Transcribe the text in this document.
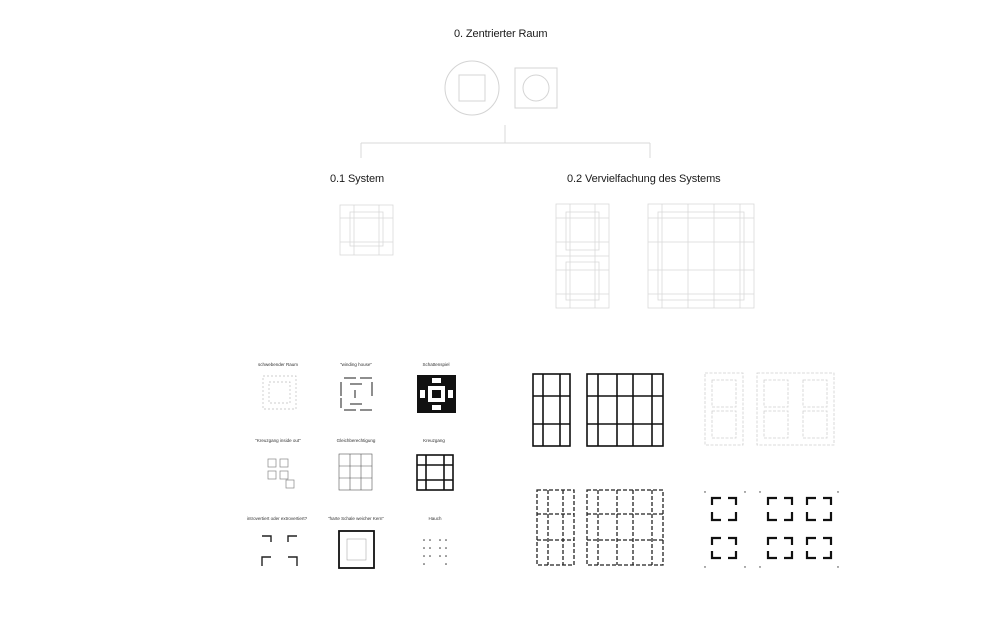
0. Zentrierter Raum
0.1 System	0.2 Vervielfachung des Systems
schwebender Raum	"winding house"	Schattenspiel
"Kreuzgang inside out"	Gleichberechtigung	Kreuzgang
introvertiert oder extrovertiert?	"harte Schale weicher Kern"	Hauch
